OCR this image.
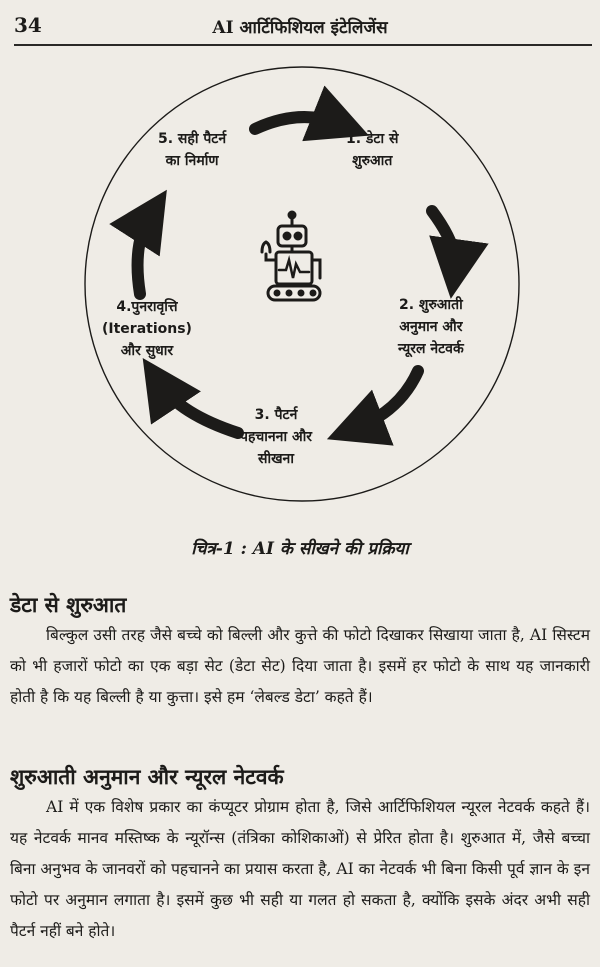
34	AI आर्टिफिशियल इंटेलिजेंस
1. डेटा से
शुरुआत
2. शुरुआती
अनुमान और
न्यूरल नेटवर्क
3. पैटर्न
पहचानना और
सीखना
4.पुनरावृत्ति
(Iterations)
और सुधार
5. सही पैटर्न
का निर्माण
चित्र-1 : AI के सीखने की प्रक्रिया
डेटा से शुरुआत
बिल्कुल उसी तरह जैसे बच्चे को बिल्ली और कुत्ते की फोटो दिखाकर सिखाया जाता है, AI सिस्टम को भी हजारों फोटो का एक बड़ा सेट (डेटा सेट) दिया जाता है। इसमें हर फोटो के साथ यह जानकारी होती है कि यह बिल्ली है या कुत्ता। इसे हम ‘लेबल्ड डेटा’ कहते हैं।
शुरुआती अनुमान और न्यूरल नेटवर्क
AI में एक विशेष प्रकार का कंप्यूटर प्रोग्राम होता है, जिसे आर्टिफिशियल न्यूरल नेटवर्क कहते हैं। यह नेटवर्क मानव मस्तिष्क के न्यूरॉन्स (तंत्रिका कोशिकाओं) से प्रेरित होता है। शुरुआत में, जैसे बच्चा बिना अनुभव के जानवरों को पहचानने का प्रयास करता है, AI का नेटवर्क भी बिना किसी पूर्व ज्ञान के इन फोटो पर अनुमान लगाता है। इसमें कुछ भी सही या गलत हो सकता है, क्योंकि इसके अंदर अभी सही पैटर्न नहीं बने होते।
